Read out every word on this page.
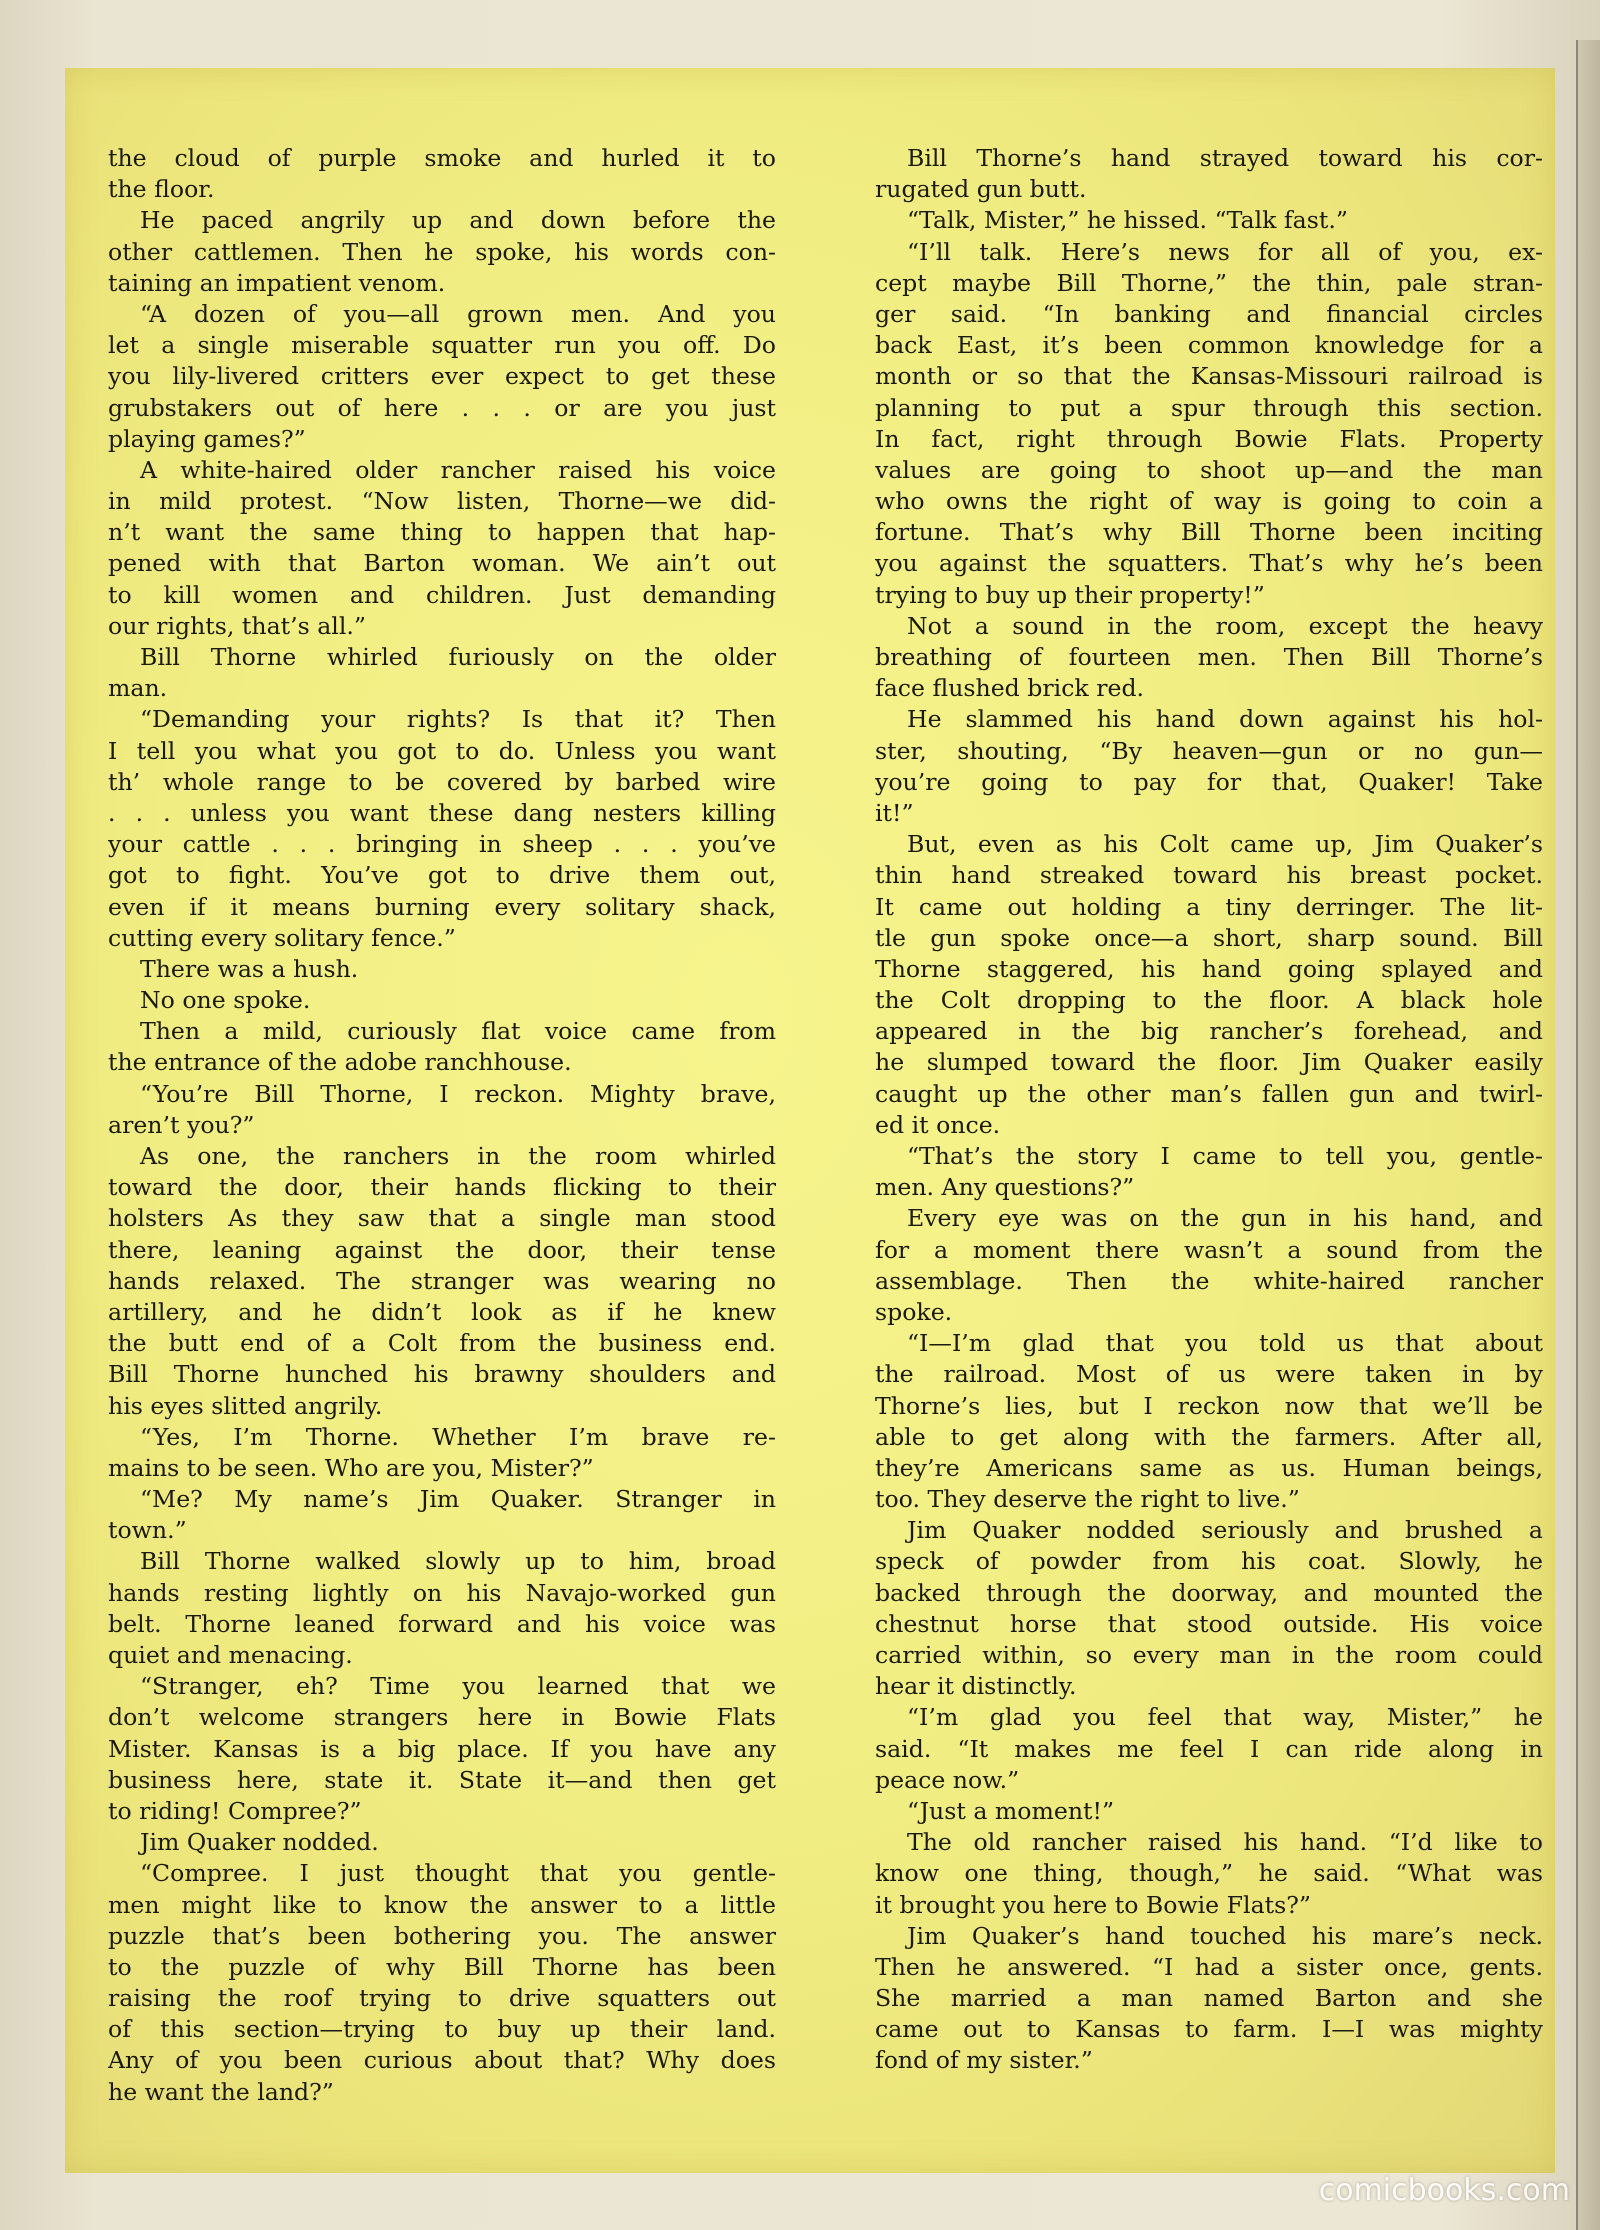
the cloud of purple smoke and hurled it to
the floor.
He paced angrily up and down before the
other cattlemen. Then he spoke, his words con-
taining an impatient venom.
“A dozen of you—all grown men. And you
let a single miserable squatter run you off. Do
you lily-livered critters ever expect to get these
grubstakers out of here . . . or are you just
playing games?”
A white-haired older rancher raised his voice
in mild protest. “Now listen, Thorne—we did-
n’t want the same thing to happen that hap-
pened with that Barton woman. We ain’t out
to kill women and children. Just demanding
our rights, that’s all.”
Bill Thorne whirled furiously on the older
man.
“Demanding your rights? Is that it? Then
I tell you what you got to do. Unless you want
th’ whole range to be covered by barbed wire
. . . unless you want these dang nesters killing
your cattle . . . bringing in sheep . . . you’ve
got to fight. You’ve got to drive them out,
even if it means burning every solitary shack,
cutting every solitary fence.”
There was a hush.
No one spoke.
Then a mild, curiously flat voice came from
the entrance of the adobe ranchhouse.
“You’re Bill Thorne, I reckon. Mighty brave,
aren’t you?”
As one, the ranchers in the room whirled
toward the door, their hands flicking to their
holsters As they saw that a single man stood
there, leaning against the door, their tense
hands relaxed. The stranger was wearing no
artillery, and he didn’t look as if he knew
the butt end of a Colt from the business end.
Bill Thorne hunched his brawny shoulders and
his eyes slitted angrily.
“Yes, I’m Thorne. Whether I’m brave re-
mains to be seen. Who are you, Mister?”
“Me? My name’s Jim Quaker. Stranger in
town.”
Bill Thorne walked slowly up to him, broad
hands resting lightly on his Navajo-worked gun
belt. Thorne leaned forward and his voice was
quiet and menacing.
“Stranger, eh? Time you learned that we
don’t welcome strangers here in Bowie Flats
Mister. Kansas is a big place. If you have any
business here, state it. State it—and then get
to riding! Compree?”
Jim Quaker nodded.
“Compree. I just thought that you gentle-
men might like to know the answer to a little
puzzle that’s been bothering you. The answer
to the puzzle of why Bill Thorne has been
raising the roof trying to drive squatters out
of this section—trying to buy up their land.
Any of you been curious about that? Why does
he want the land?”
Bill Thorne’s hand strayed toward his cor-
rugated gun butt.
“Talk, Mister,” he hissed. “Talk fast.”
“I’ll talk. Here’s news for all of you, ex-
cept maybe Bill Thorne,” the thin, pale stran-
ger said. “In banking and financial circles
back East, it’s been common knowledge for a
month or so that the Kansas-Missouri railroad is
planning to put a spur through this section.
In fact, right through Bowie Flats. Property
values are going to shoot up—and the man
who owns the right of way is going to coin a
fortune. That’s why Bill Thorne been inciting
you against the squatters. That’s why he’s been
trying to buy up their property!”
Not a sound in the room, except the heavy
breathing of fourteen men. Then Bill Thorne’s
face flushed brick red.
He slammed his hand down against his hol-
ster, shouting, “By heaven—gun or no gun—
you’re going to pay for that, Quaker! Take
it!”
But, even as his Colt came up, Jim Quaker’s
thin hand streaked toward his breast pocket.
It came out holding a tiny derringer. The lit-
tle gun spoke once—a short, sharp sound. Bill
Thorne staggered, his hand going splayed and
the Colt dropping to the floor. A black hole
appeared in the big rancher’s forehead, and
he slumped toward the floor. Jim Quaker easily
caught up the other man’s fallen gun and twirl-
ed it once.
“That’s the story I came to tell you, gentle-
men. Any questions?”
Every eye was on the gun in his hand, and
for a moment there wasn’t a sound from the
assemblage. Then the white-haired rancher
spoke.
“I—I’m glad that you told us that about
the railroad. Most of us were taken in by
Thorne’s lies, but I reckon now that we’ll be
able to get along with the farmers. After all,
they’re Americans same as us. Human beings,
too. They deserve the right to live.”
Jim Quaker nodded seriously and brushed a
speck of powder from his coat. Slowly, he
backed through the doorway, and mounted the
chestnut horse that stood outside. His voice
carried within, so every man in the room could
hear it distinctly.
“I’m glad you feel that way, Mister,” he
said. “It makes me feel I can ride along in
peace now.”
“Just a moment!”
The old rancher raised his hand. “I’d like to
know one thing, though,” he said. “What was
it brought you here to Bowie Flats?”
Jim Quaker’s hand touched his mare’s neck.
Then he answered. “I had a sister once, gents.
She married a man named Barton and she
came out to Kansas to farm. I—I was mighty
fond of my sister.”
comicbooks.com
